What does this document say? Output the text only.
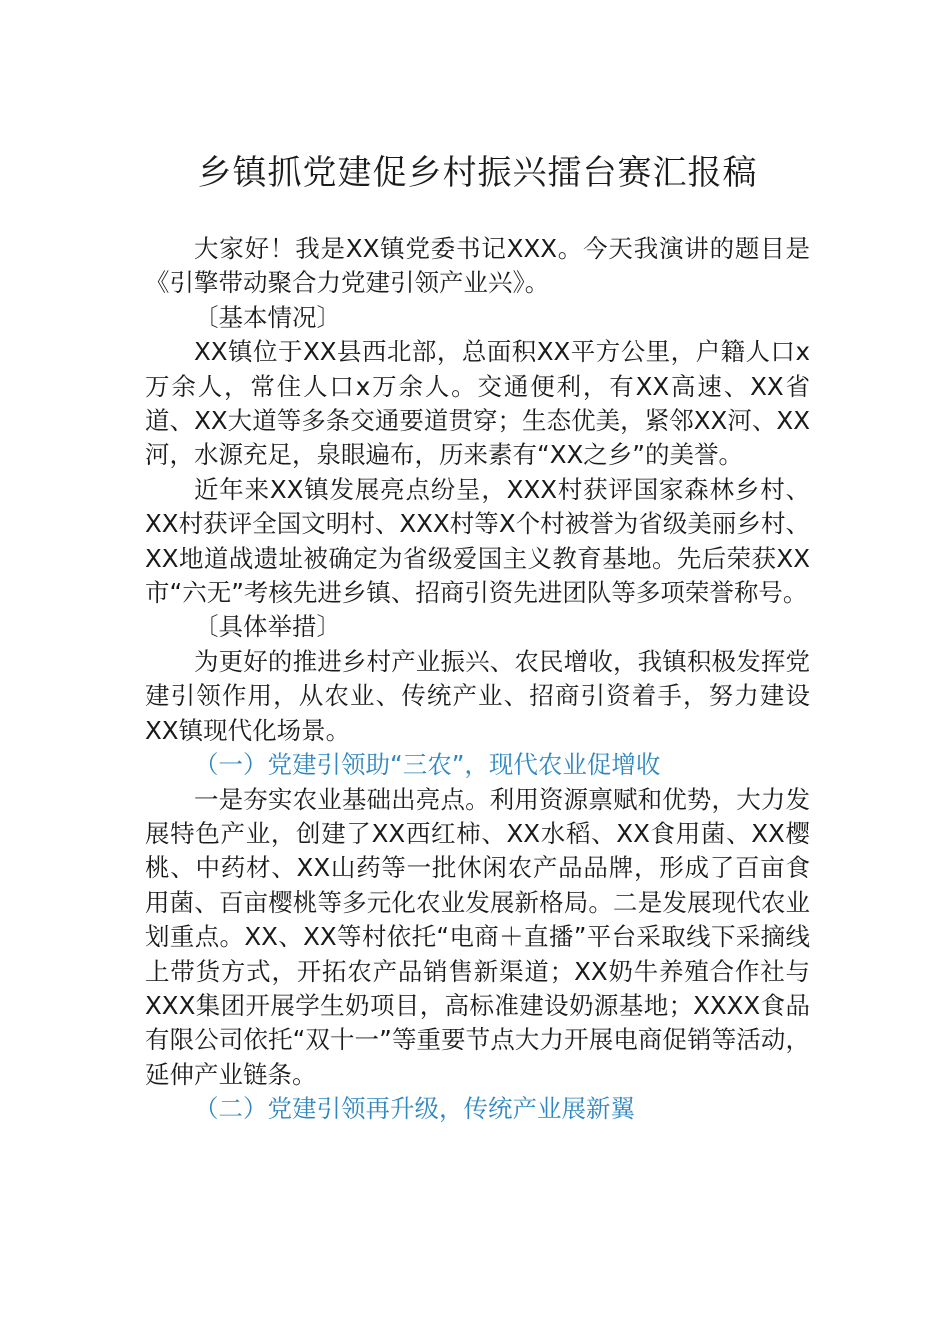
乡镇抓党建促乡村振兴擂台赛汇报稿

大家好！我是XX镇党委书记XXX。今天我演讲的题目是《引擎带动聚合力党建引领产业兴》。

〔基本情况〕

XX镇位于XX县西北部，总面积XX平方公里，户籍人口x万余人，常住人口x万余人。交通便利，有XX高速、XX省道、XX大道等多条交通要道贯穿；生态优美，紧邻XX河、XX河，水源充足，泉眼遍布，历来素有“XX之乡”的美誉。

近年来XX镇发展亮点纷呈，XXX村获评国家森林乡村、XX村获评全国文明村、XXX村等X个村被誉为省级美丽乡村、XX地道战遗址被确定为省级爱国主义教育基地。先后荣获XX市“六无”考核先进乡镇、招商引资先进团队等多项荣誉称号。

〔具体举措〕

为更好的推进乡村产业振兴、农民增收，我镇积极发挥党建引领作用，从农业、传统产业、招商引资着手，努力建设XX镇现代化场景。

（一）党建引领助“三农”，现代农业促增收

一是夯实农业基础出亮点。利用资源禀赋和优势，大力发展特色产业，创建了XX西红柿、XX水稻、XX食用菌、XX樱桃、中药材、XX山药等一批休闲农产品品牌，形成了百亩食用菌、百亩樱桃等多元化农业发展新格局。二是发展现代农业划重点。XX、XX等村依托“电商＋直播”平台采取线下采摘线上带货方式，开拓农产品销售新渠道；XX奶牛养殖合作社与XXX集团开展学生奶项目，高标准建设奶源基地；XXXX食品有限公司依托“双十一”等重要节点大力开展电商促销等活动，延伸产业链条。

（二）党建引领再升级，传统产业展新翼
